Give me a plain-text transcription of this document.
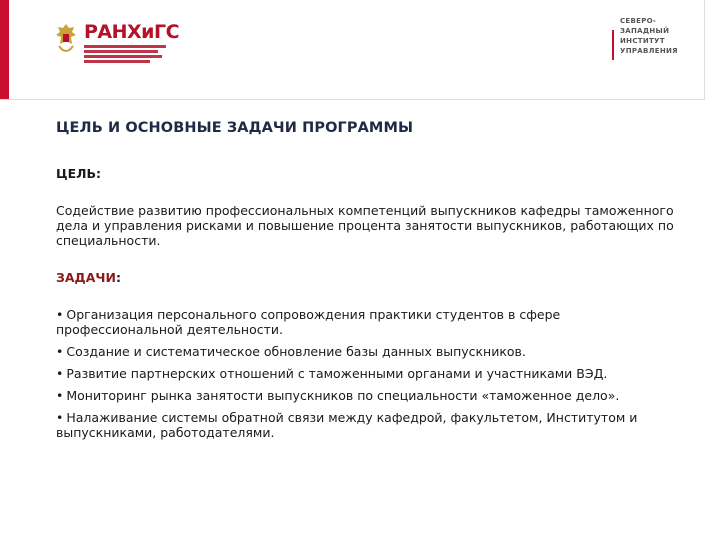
РАНХиГС	СЕВЕРО-
ЗАПАДНЫЙ
ИНСТИТУТ
УПРАВЛЕНИЯ
ЦЕЛЬ И ОСНОВНЫЕ ЗАДАЧИ ПРОГРАММЫ
ЦЕЛЬ:
Содействие развитию профессиональных компетенций выпускников кафедры таможенного дела и управления рисками и повышение процента занятости выпускников, работающих по специальности.
ЗАДАЧИ:
• Организация персонального сопровождения практики студентов в сфере профессиональной деятельности.
• Создание и систематическое обновление базы данных выпускников.
• Развитие партнерских отношений с таможенными органами и участниками ВЭД.
• Мониторинг рынка занятости выпускников по специальности «таможенное дело».
• Налаживание системы обратной связи между кафедрой, факультетом, Институтом и выпускниками, работодателями.
